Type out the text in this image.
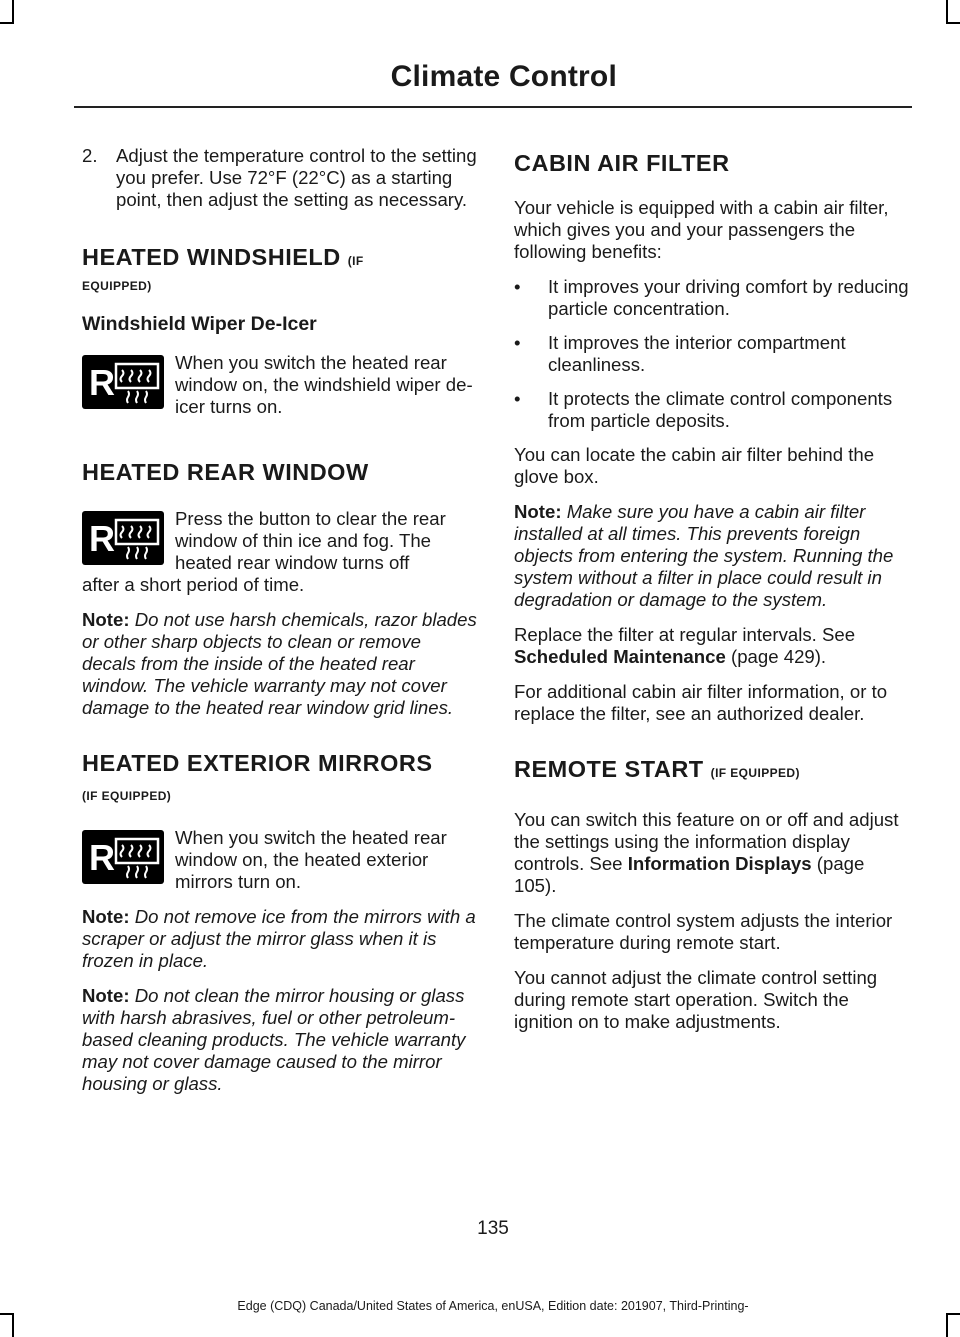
Climate Control
2. Adjust the temperature control to the setting you prefer. Use 72°F (22°C) as a starting point, then adjust the setting as necessary.
HEATED WINDSHIELD (IF
EQUIPPED)
Windshield Wiper De-Icer
R	When you switch the heated rear window on, the windshield wiper de-icer turns on.

HEATED REAR WINDOW
R	Press the button to clear the rear window of thin ice and fog. The heated rear window turns off

after a short period of time.

Note: Do not use harsh chemicals, razor blades or other sharp objects to clean or remove decals from the inside of the heated rear window. The vehicle warranty may not cover damage to the heated rear window grid lines.

HEATED EXTERIOR MIRRORS
(IF EQUIPPED)
R	When you switch the heated rear window on, the heated exterior mirrors turn on.

Note: Do not remove ice from the mirrors with a scraper or adjust the mirror glass when it is frozen in place.

Note: Do not clean the mirror housing or glass with harsh abrasives, fuel or other petroleum-based cleaning products. The vehicle warranty may not cover damage caused to the mirror housing or glass.

CABIN AIR FILTER

Your vehicle is equipped with a cabin air filter, which gives you and your passengers the following benefits:

•	It improves your driving comfort by reducing particle concentration.
•	It improves the interior compartment cleanliness.
•	It protects the climate control components from particle deposits.

You can locate the cabin air filter behind the glove box.

Note: Make sure you have a cabin air filter installed at all times. This prevents foreign objects from entering the system. Running the system without a filter in place could result in degradation or damage to the system.

Replace the filter at regular intervals. See Scheduled Maintenance (page 429).

For additional cabin air filter information, or to replace the filter, see an authorized dealer.

REMOTE START (IF EQUIPPED)

You can switch this feature on or off and adjust the settings using the information display controls. See Information Displays (page 105).

The climate control system adjusts the interior temperature during remote start.

You cannot adjust the climate control setting during remote start operation. Switch the ignition on to make adjustments.

135
Edge (CDQ) Canada/United States of America, enUSA, Edition date: 201907, Third-Printing-
